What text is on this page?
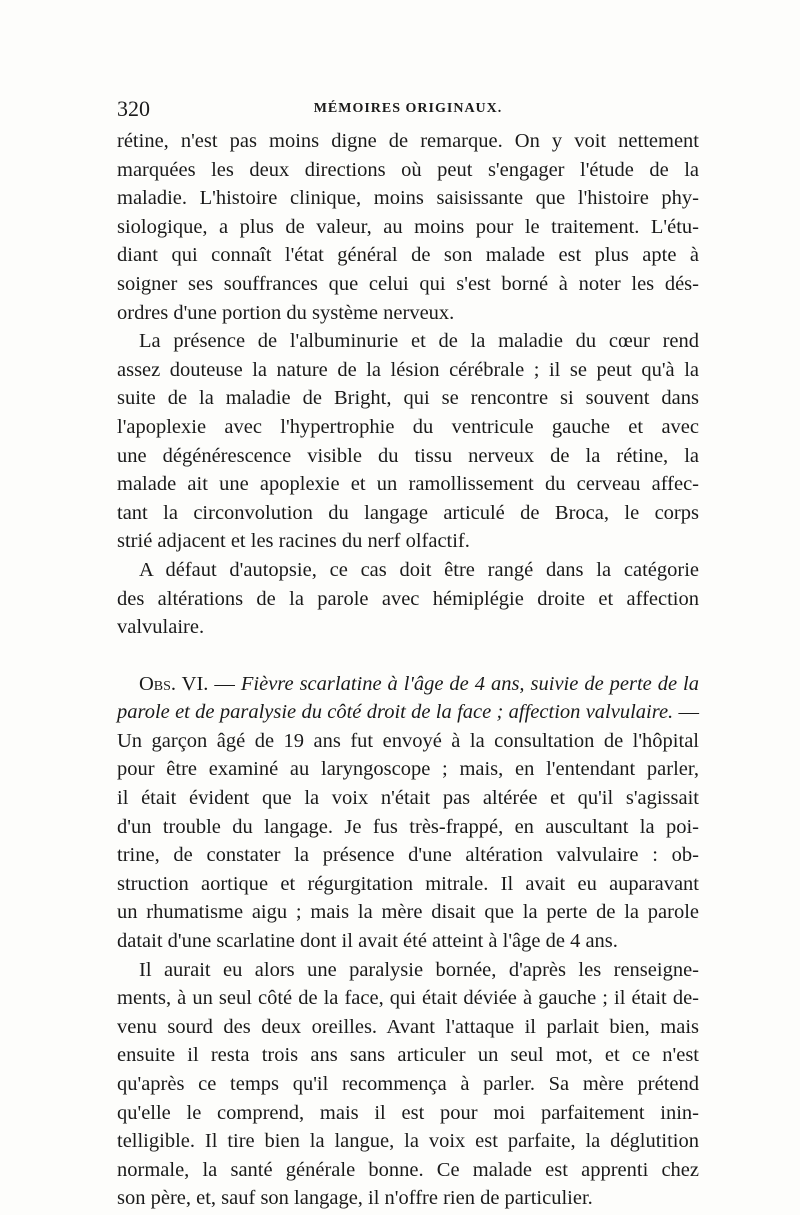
320	MÉMOIRES ORIGINAUX.
rétine, n'est pas moins digne de remarque. On y voit nettement
marquées les deux directions où peut s'engager l'étude de la
maladie. L'histoire clinique, moins saisissante que l'histoire phy-
siologique, a plus de valeur, au moins pour le traitement. L'étu-
diant qui connaît l'état général de son malade est plus apte à
soigner ses souffrances que celui qui s'est borné à noter les dés-
ordres d'une portion du système nerveux.
La présence de l'albuminurie et de la maladie du cœur rend
assez douteuse la nature de la lésion cérébrale ; il se peut qu'à la
suite de la maladie de Bright, qui se rencontre si souvent dans
l'apoplexie avec l'hypertrophie du ventricule gauche et avec
une dégénérescence visible du tissu nerveux de la rétine, la
malade ait une apoplexie et un ramollissement du cerveau affec-
tant la circonvolution du langage articulé de Broca, le corps
strié adjacent et les racines du nerf olfactif.
A défaut d'autopsie, ce cas doit être rangé dans la catégorie
des altérations de la parole avec hémiplégie droite et affection
valvulaire.
Obs. VI. — Fièvre scarlatine à l'âge de 4 ans, suivie de perte de la
parole et de paralysie du côté droit de la face ; affection valvulaire. —
Un garçon âgé de 19 ans fut envoyé à la consultation de l'hôpital
pour être examiné au laryngoscope ; mais, en l'entendant parler,
il était évident que la voix n'était pas altérée et qu'il s'agissait
d'un trouble du langage. Je fus très-frappé, en auscultant la poi-
trine, de constater la présence d'une altération valvulaire : ob-
struction aortique et régurgitation mitrale. Il avait eu auparavant
un rhumatisme aigu ; mais la mère disait que la perte de la parole
datait d'une scarlatine dont il avait été atteint à l'âge de 4 ans.
Il aurait eu alors une paralysie bornée, d'après les renseigne-
ments, à un seul côté de la face, qui était déviée à gauche ; il était de-
venu sourd des deux oreilles. Avant l'attaque il parlait bien, mais
ensuite il resta trois ans sans articuler un seul mot, et ce n'est
qu'après ce temps qu'il recommença à parler. Sa mère prétend
qu'elle le comprend, mais il est pour moi parfaitement inin-
telligible. Il tire bien la langue, la voix est parfaite, la déglutition
normale, la santé générale bonne. Ce malade est apprenti chez
son père, et, sauf son langage, il n'offre rien de particulier.
